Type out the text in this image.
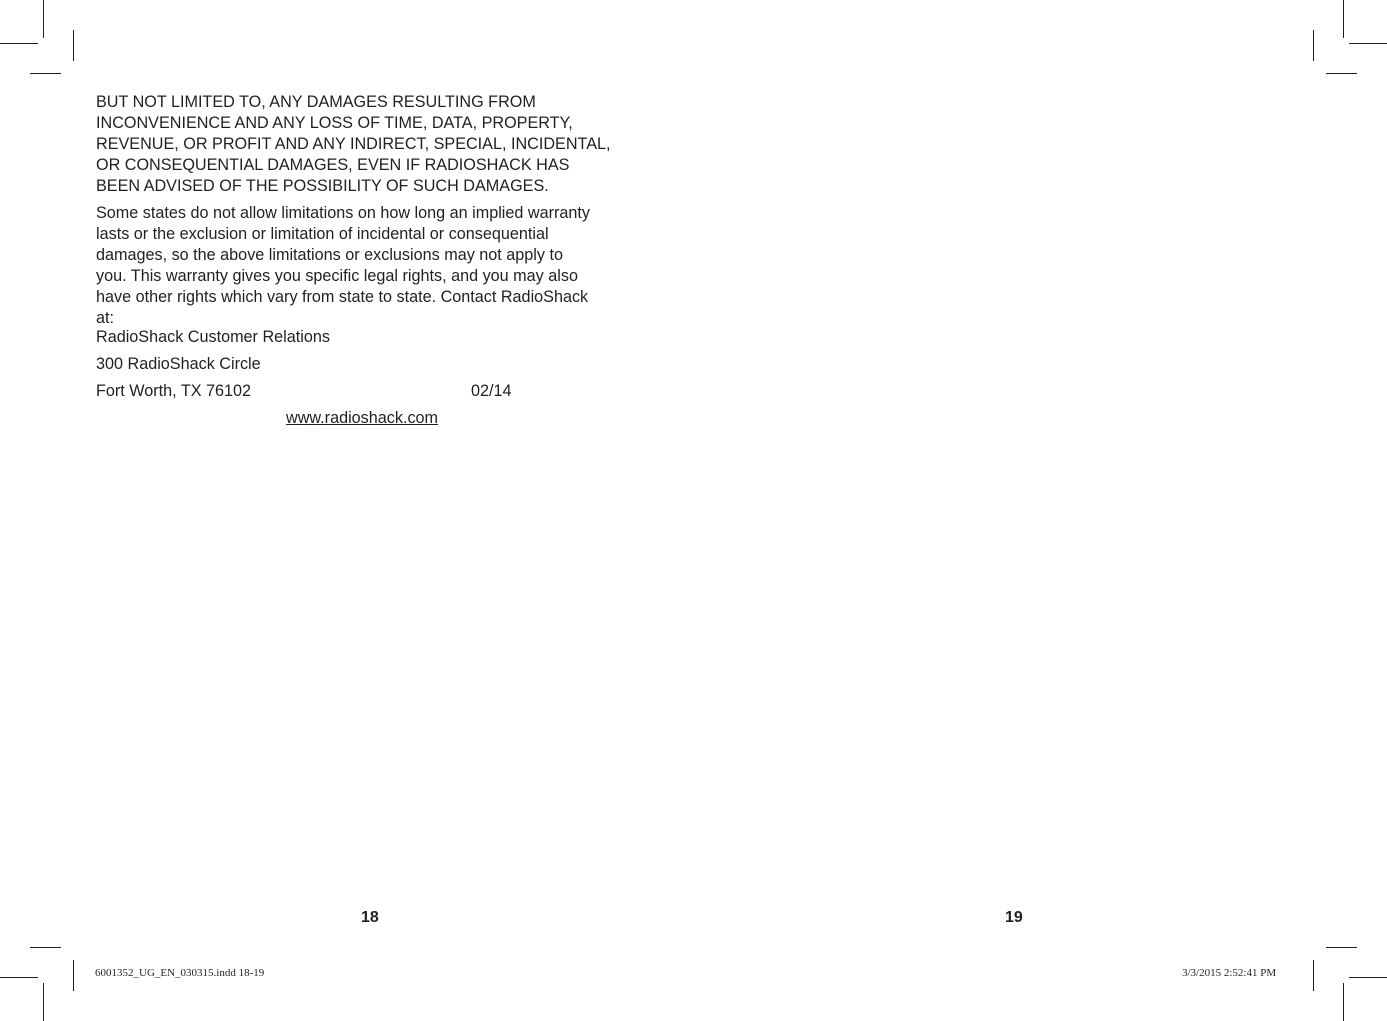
BUT NOT LIMITED TO, ANY DAMAGES RESULTING FROM

INCONVENIENCE AND ANY LOSS OF TIME, DATA, PROPERTY,

REVENUE, OR PROFIT AND ANY INDIRECT, SPECIAL, INCIDENTAL,

OR CONSEQUENTIAL DAMAGES, EVEN IF RADIOSHACK HAS

BEEN ADVISED OF THE POSSIBILITY OF SUCH DAMAGES.

Some states do not allow limitations on how long an implied warranty

lasts or the exclusion or limitation of incidental or consequential

damages, so the above limitations or exclusions may not apply to

you. This warranty gives you specific legal rights, and you may also

have other rights which vary from state to state. Contact RadioShack

at:

RadioShack Customer Relations
300 RadioShack Circle
Fort Worth, TX 76102	02/14
www.radioshack.com
18	19
6001352_UG_EN_030315.indd 18-19	3/3/2015 2:52:41 PM
